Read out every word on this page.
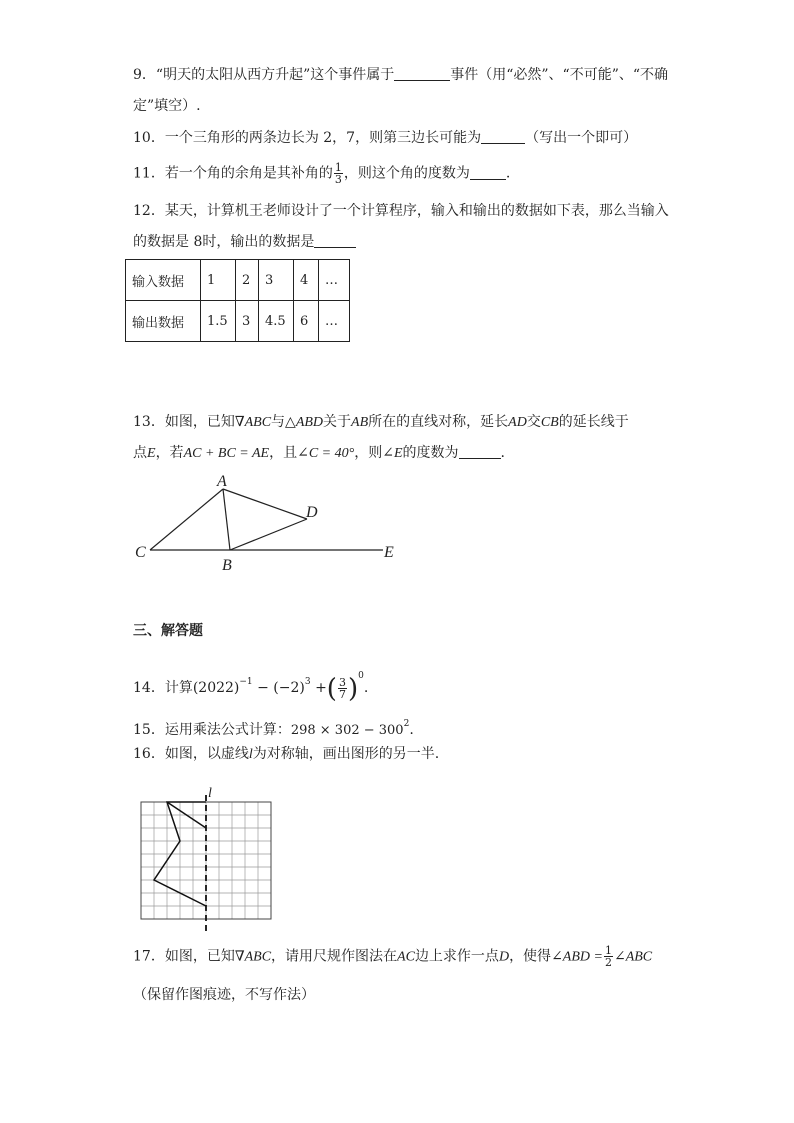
9．“明天的太阳从西方升起”这个事件属于	事件（用“必然”、“不可能”、“不确
定”填空）.
10．一个三角形的两条边长为 2，7，则第三边长可能为	（写出一个即可）
11．若一个角的余角是其补角的 $\frac{1}{3}$ ，则这个角的度数为	.
12．某天，计算机王老师设计了一个计算程序，输入和输出的数据如下表，那么当输入
的数据是 8时，输出的数据是
输入数据	1	2	3	4	…
输出数据	1.5	3	4.5	6	…
13．如图，已知∇ABC与△ABD关于AB所在的直线对称，延长AD交CB的延长线于
点E，若AC + BC = AE，且∠C = 40°，则∠E的度数为	.
A
B
C
D
E
三、解答题
14．计算$(2022)^{-1} - (-2)^3$ +( $\frac{3}{7} )^0$.
15．运用乘法公式计算：$298 \times 302 - 300^2$.
16．如图，以虚线l为对称轴，画出图形的另一半.
l
17．如图，已知∇ABC，请用尺规作图法在AC边上求作一点D，使得∠ABD = $\frac{1}{2}$ ∠ABC
（保留作图痕迹，不写作法）
